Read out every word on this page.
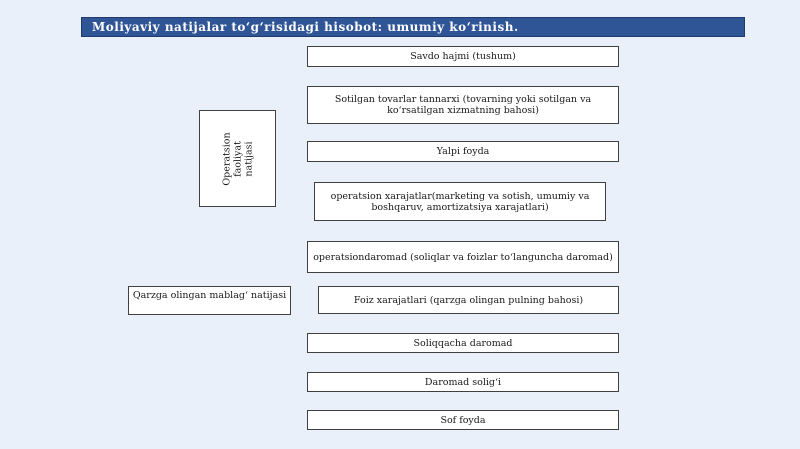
Moliyaviy natijalar to‘g‘risidagi hisobot: umumiy ko‘rinish.
Operatsion faoliyat natijasi
Qarzga olingan mablag‘ natijasi
Savdo hajmi (tushum)
Sotilgan tovarlar tannarxi (tovarning yoki sotilgan va ko‘rsatilgan xizmatning bahosi)
Yalpi foyda
operatsion xarajatlar(marketing va sotish, umumiy va boshqaruv, amortizatsiya xarajatlari)
operatsiondaromad (soliqlar va foizlar to‘languncha daromad)
Foiz xarajatlari (qarzga olingan pulning bahosi)
Soliqqacha daromad
Daromad solig‘i
Sof foyda
